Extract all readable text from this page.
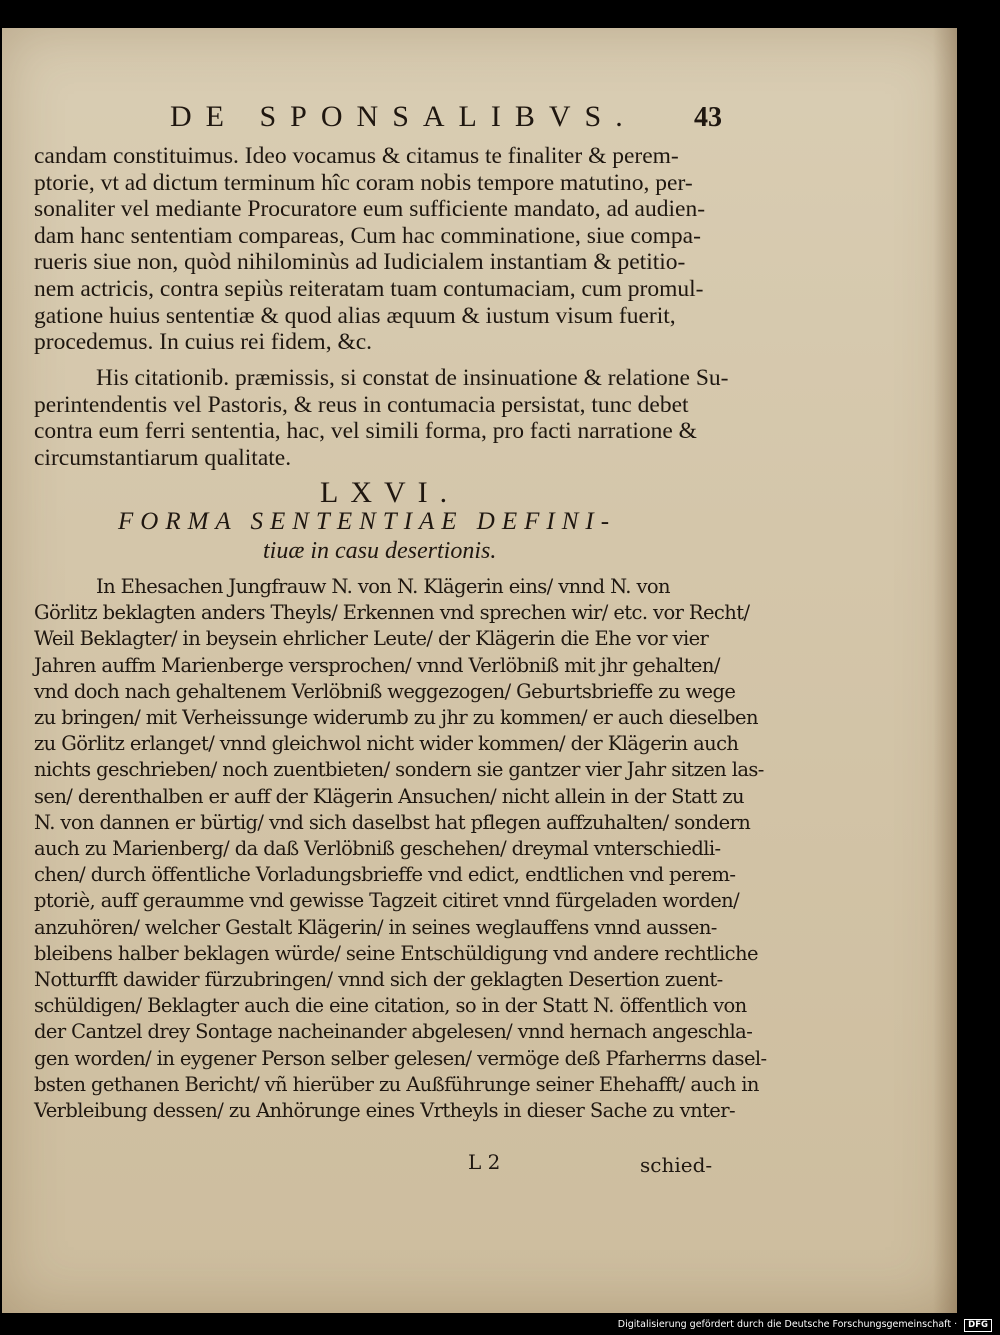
DE SPONSALIBVS.	43
candam constituimus. Ideo vocamus & citamus te finaliter & perem-
ptorie, vt ad dictum terminum hîc coram nobis tempore matutino, per-
sonaliter vel mediante Procuratore eum sufficiente mandato, ad audien-
dam hanc sententiam compareas, Cum hac comminatione, siue compa-
rueris siue non, quòd nihilominùs ad Iudicialem instantiam & petitio-
nem actricis, contra sepiùs reiteratam tuam contumaciam, cum promul-
gatione huius sententiæ & quod alias æquum & iustum visum fuerit,
procedemus. In cuius rei fidem, &c.
His citationib. præmissis, si constat de insinuatione & relatione Su-
perintendentis vel Pastoris, & reus in contumacia persistat, tunc debet
contra eum ferri sententia, hac, vel simili forma, pro facti narratione &
circumstantiarum qualitate.
LXVI.
FORMA SENTENTIAE DEFINI-
tiuæ in casu desertionis.
In Ehesachen Jungfrauw N. von N. Klägerin eins/ vnnd N. von
Görlitz beklagten anders Theyls/ Erkennen vnd sprechen wir/ etc. vor Recht/
Weil Beklagter/ in beysein ehrlicher Leute/ der Klägerin die Ehe vor vier
Jahren auffm Marienberge versprochen/ vnnd Verlöbniß mit jhr gehalten/
vnd doch nach gehaltenem Verlöbniß weggezogen/ Geburtsbrieffe zu wege
zu bringen/ mit Verheissunge widerumb zu jhr zu kommen/ er auch dieselben
zu Görlitz erlanget/ vnnd gleichwol nicht wider kommen/ der Klägerin auch
nichts geschrieben/ noch zuentbieten/ sondern sie gantzer vier Jahr sitzen las-
sen/ derenthalben er auff der Klägerin Ansuchen/ nicht allein in der Statt zu
N. von dannen er bürtig/ vnd sich daselbst hat pflegen auffzuhalten/ sondern
auch zu Marienberg/ da daß Verlöbniß geschehen/ dreymal vnterschiedli-
chen/ durch öffentliche Vorladungsbrieffe vnd edict, endtlichen vnd perem-
ptoriè, auff geraumme vnd gewisse Tagzeit citiret vnnd fürgeladen worden/
anzuhören/ welcher Gestalt Klägerin/ in seines weglauffens vnnd aussen-
bleibens halber beklagen würde/ seine Entschüldigung vnd andere rechtliche
Notturfft dawider fürzubringen/ vnnd sich der geklagten Desertion zuent-
schüldigen/ Beklagter auch die eine citation, so in der Statt N. öffentlich von
der Cantzel drey Sontage nacheinander abgelesen/ vnnd hernach angeschla-
gen worden/ in eygener Person selber gelesen/ vermöge deß Pfarherrns dasel-
bsten gethanen Bericht/ vñ hierüber zu Außführunge seiner Ehehafft/ auch in
Verbleibung dessen/ zu Anhörunge eines Vrtheyls in dieser Sache zu vnter-
L 2	schied-
Digitalisierung gefördert durch die Deutsche Forschungsgemeinschaft · DFG
